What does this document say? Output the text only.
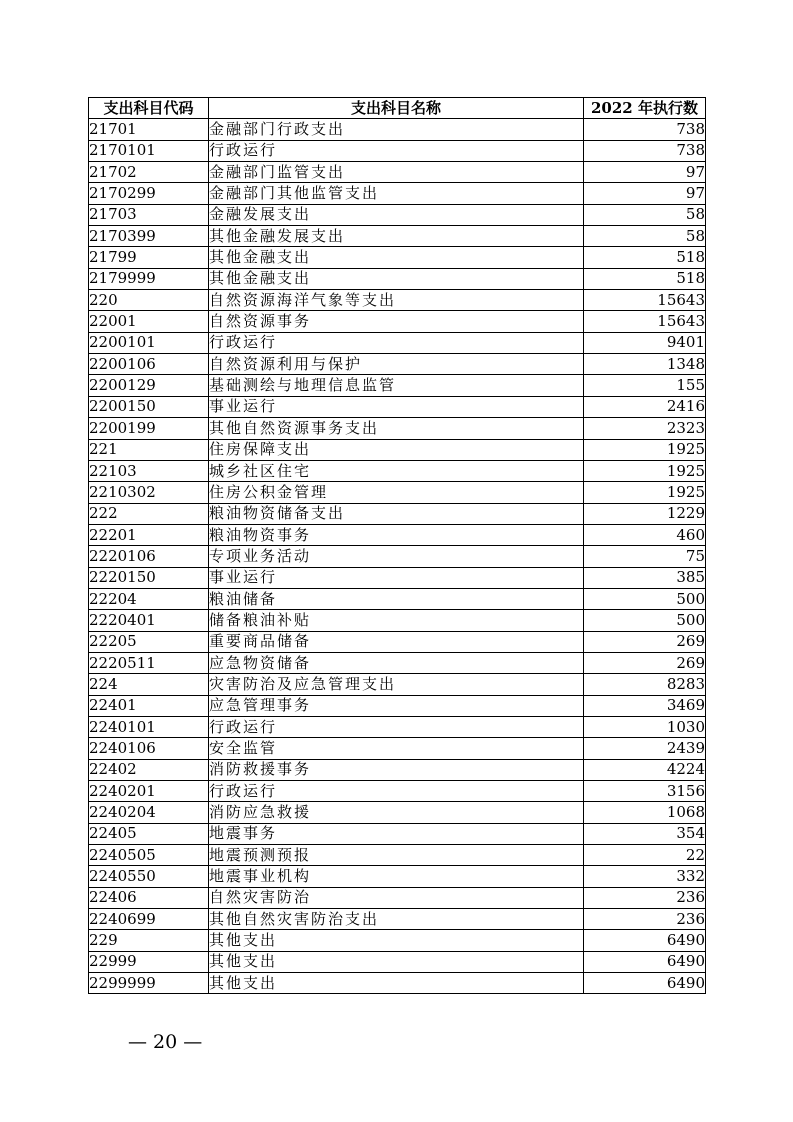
支出科目代码	支出科目名称	2022 年执行数
21701	金融部门行政支出	738
2170101	行政运行	738
21702	金融部门监管支出	97
2170299	金融部门其他监管支出	97
21703	金融发展支出	58
2170399	其他金融发展支出	58
21799	其他金融支出	518
2179999	其他金融支出	518
220	自然资源海洋气象等支出	15643
22001	自然资源事务	15643
2200101	行政运行	9401
2200106	自然资源利用与保护	1348
2200129	基础测绘与地理信息监管	155
2200150	事业运行	2416
2200199	其他自然资源事务支出	2323
221	住房保障支出	1925
22103	城乡社区住宅	1925
2210302	住房公积金管理	1925
222	粮油物资储备支出	1229
22201	粮油物资事务	460
2220106	专项业务活动	75
2220150	事业运行	385
22204	粮油储备	500
2220401	储备粮油补贴	500
22205	重要商品储备	269
2220511	应急物资储备	269
224	灾害防治及应急管理支出	8283
22401	应急管理事务	3469
2240101	行政运行	1030
2240106	安全监管	2439
22402	消防救援事务	4224
2240201	行政运行	3156
2240204	消防应急救援	1068
22405	地震事务	354
2240505	地震预测预报	22
2240550	地震事业机构	332
22406	自然灾害防治	236
2240699	其他自然灾害防治支出	236
229	其他支出	6490
22999	其他支出	6490
2299999	其他支出	6490
— 20 —
